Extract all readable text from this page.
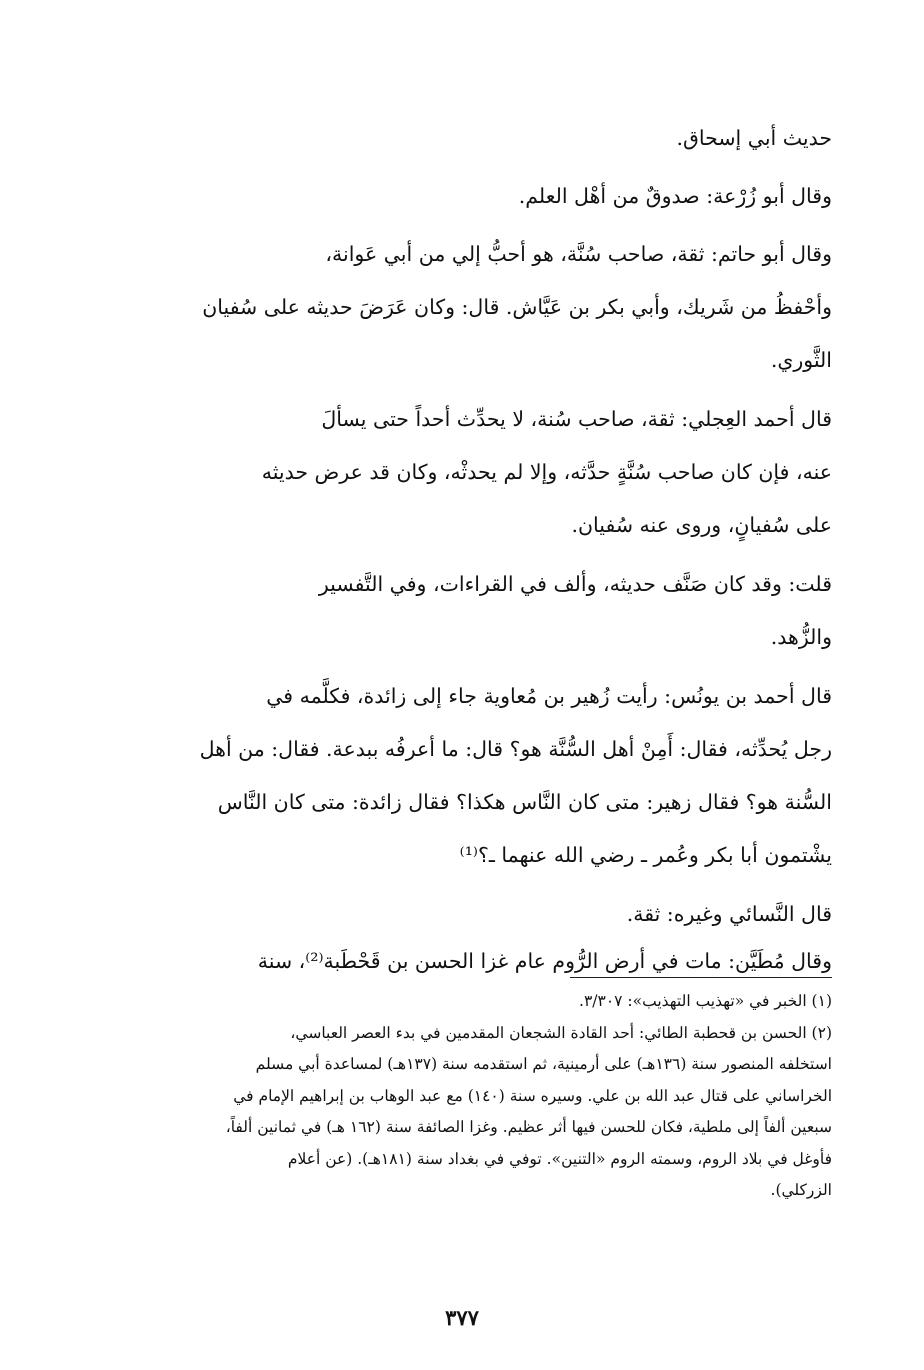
حديث أبي إسحاق.
وقال أبو زُرْعة: صدوقٌ من أهْل العلم.
وقال أبو حاتم: ثقة، صاحب سُنَّة، هو أحبُّ إلي من أبي عَوانة،
وأحْفظُ من شَريك، وأبي بكر بن عَيَّاش. قال: وكان عَرَضَ حديثه على سُفيان
الثَّوري.
قال أحمد العِجلي: ثقة، صاحب سُنة، لا يحدِّث أحداً حتى يسألَ
عنه، فإن كان صاحب سُنَّةٍ حدَّثه، وإلا لم يحدثْه، وكان قد عرض حديثه
على سُفيانٍ، وروى عنه سُفيان.
قلت: وقد كان صَنَّف حديثه، وألف في القراءات، وفي التَّفسير
والزُّهد.
قال أحمد بن يونُس: رأيت زُهير بن مُعاوية جاء إلى زائدة، فكلَّمه في
رجل يُحدِّثه، فقال: أَمِنْ أهل السُّنَّة هو؟ قال: ما أعرفُه ببدعة. فقال: من أهل
السُّنة هو؟ فقال زهير: متى كان النَّاس هكذا؟ فقال زائدة: متى كان النَّاس
يشْتمون أبا بكر وعُمر ـ رضي الله عنهما ـ؟⁽¹⁾
قال النَّسائي وغيره: ثقة.
وقال مُطَيَّن: مات في أرض الرُّوم عام غزا الحسن بن قَحْطَبة⁽²⁾، سنة
(١) الخبر في «تهذيب التهذيب»: ٣/٣٠٧.
(٢) الحسن بن قحطبة الطائي: أحد القادة الشجعان المقدمين في بدء العصر العباسي،
استخلفه المنصور سنة (١٣٦هـ) على أرمينية، ثم استقدمه سنة (١٣٧هـ) لمساعدة أبي مسلم
الخراساني على قتال عبد الله بن علي. وسيره سنة (١٤٠) مع عبد الوهاب بن إبراهيم الإمام في
سبعين ألفاً إلى ملطية، فكان للحسن فيها أثر عظيم. وغزا الصائفة سنة (١٦٢ هـ) في ثمانين ألفاً،
فأوغل في بلاد الروم، وسمته الروم «التنين». توفي في بغداد سنة (١٨١هـ). (عن أعلام
الزركلي).
٣٧٧
